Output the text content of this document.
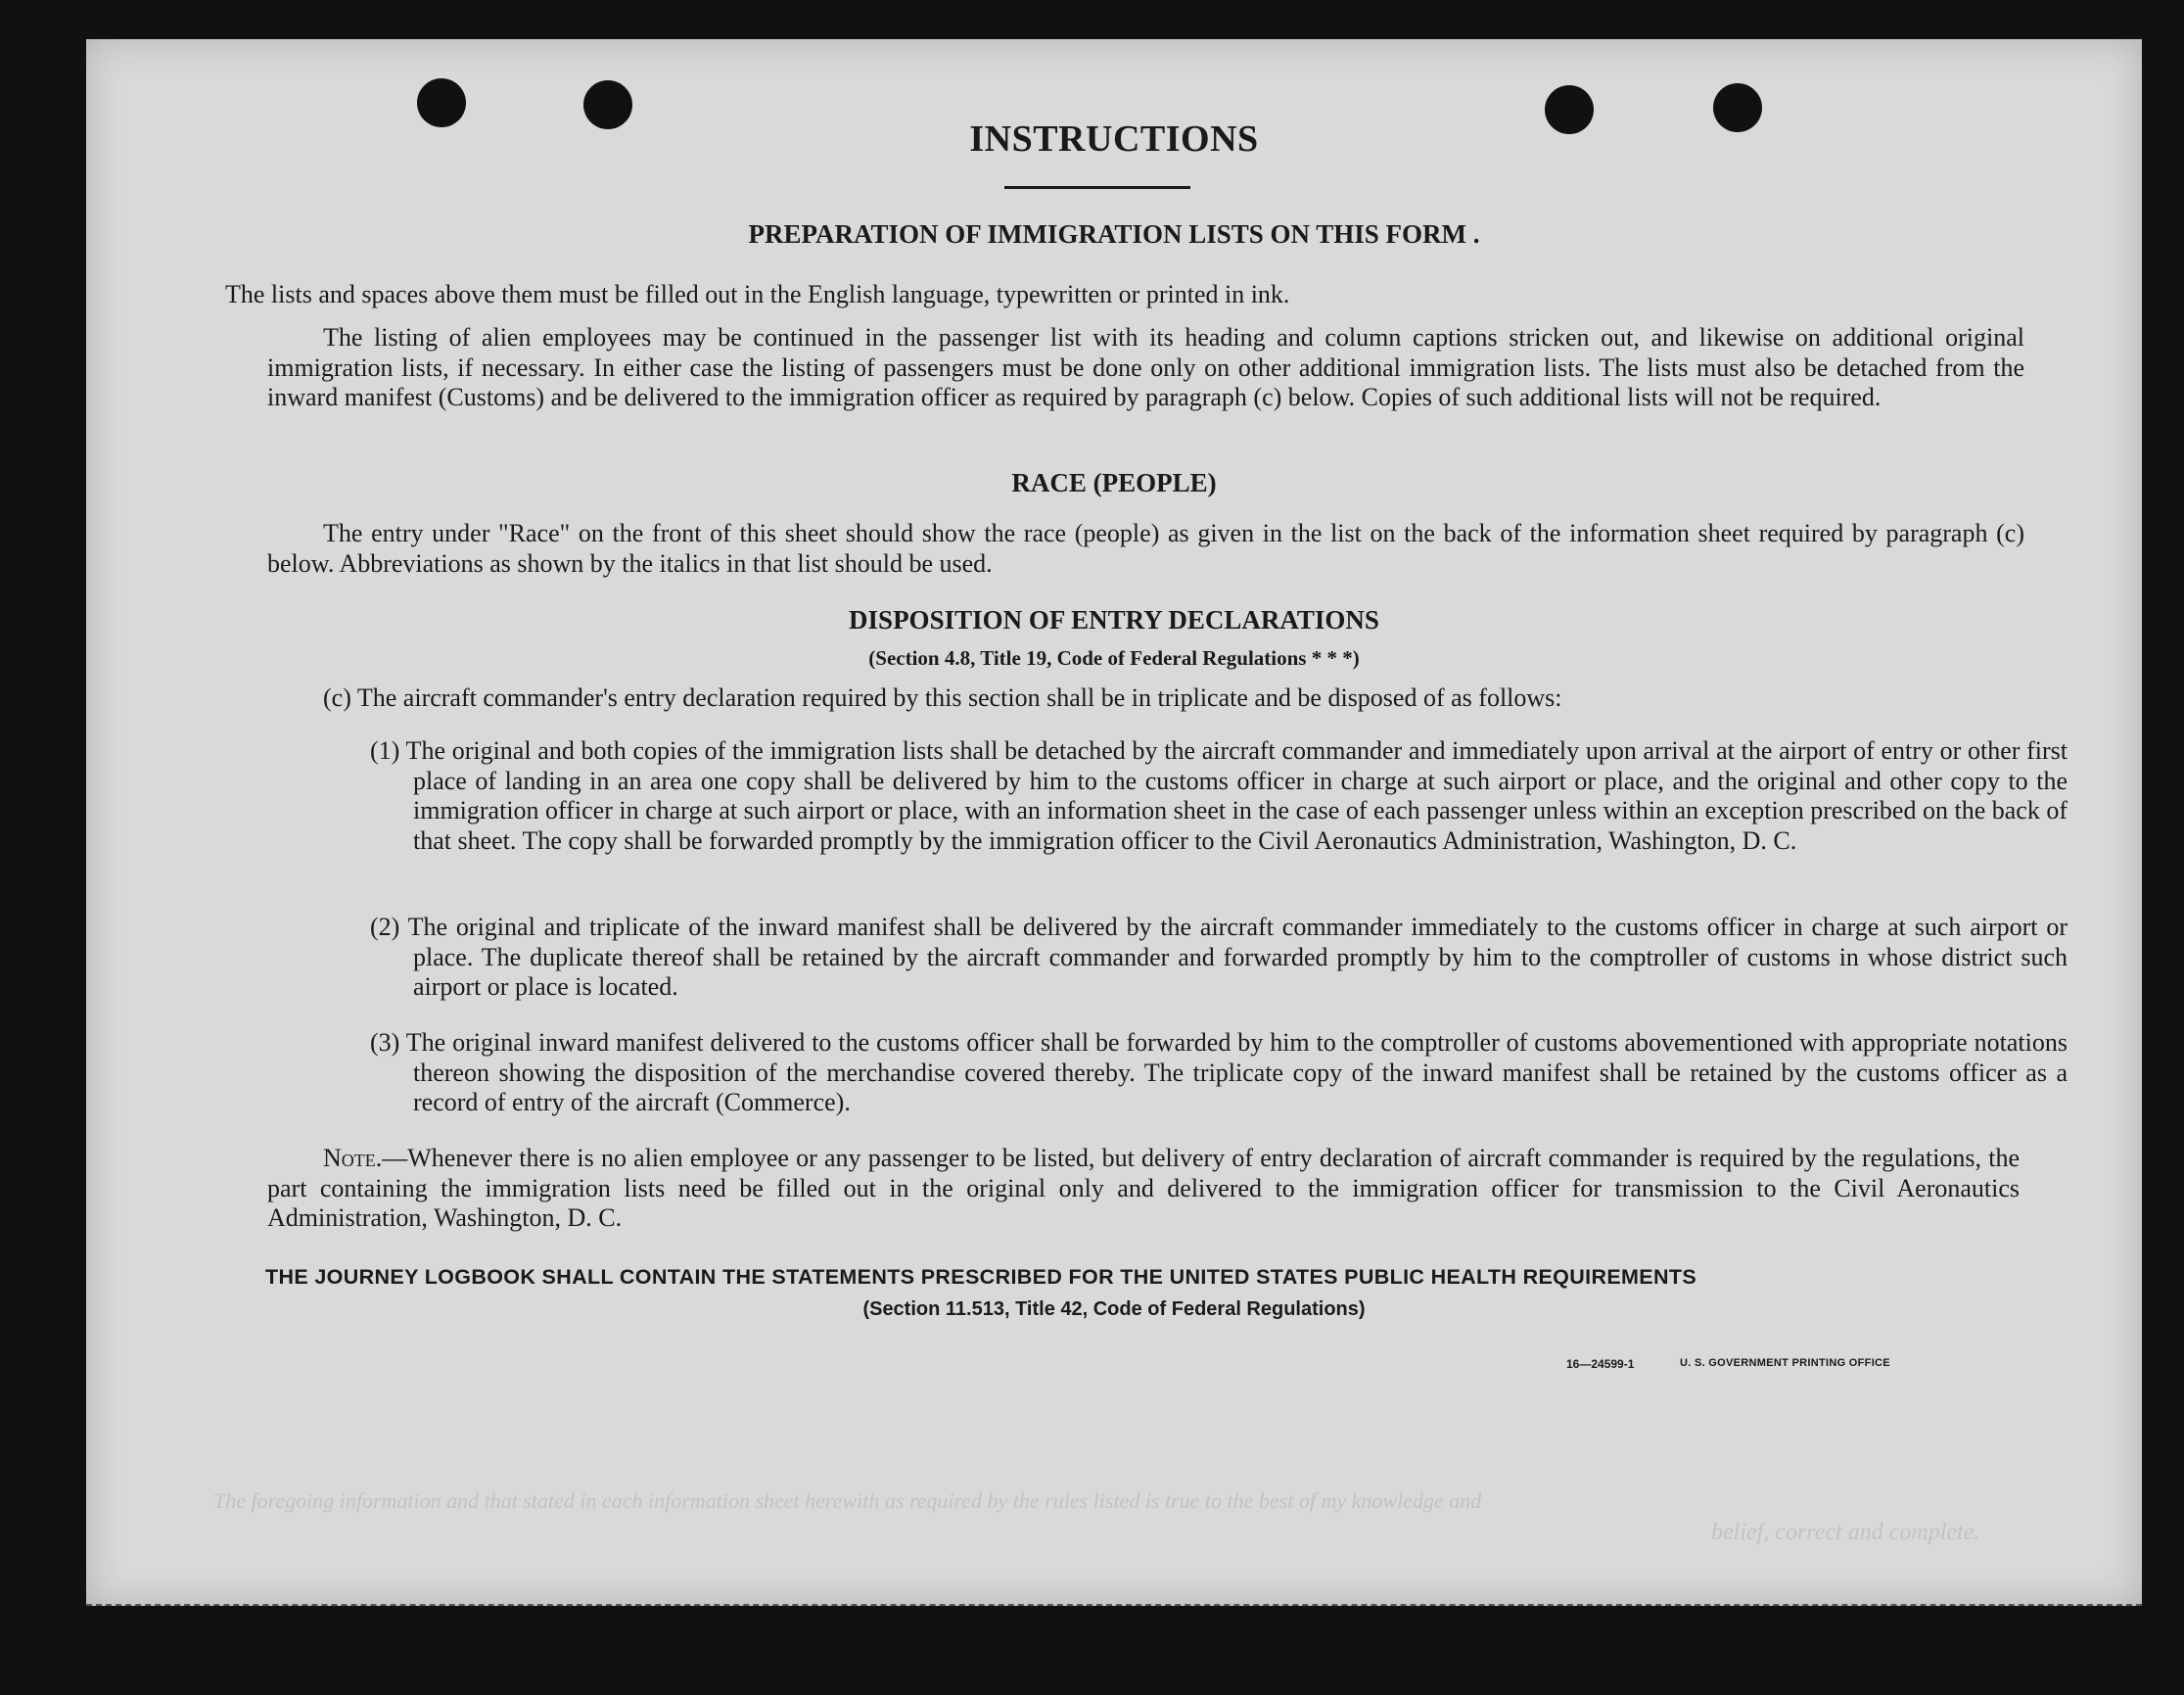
The foregoing information and that stated in each information sheet herewith as required by the rules listed is true to the best of my knowledge and
belief, correct and complete.
INSTRUCTIONS
PREPARATION OF IMMIGRATION LISTS ON THIS FORM .

The lists and spaces above them must be filled out in the English language, typewritten or printed in ink.

The listing of alien employees may be continued in the passenger list with its heading and column captions stricken out, and likewise on additional original immigration lists, if necessary. In either case the listing of passengers must be done only on other additional immigration lists. The lists must also be detached from the inward manifest (Customs) and be delivered to the immigration officer as required by paragraph (c) below. Copies of such additional lists will not be required.

RACE (PEOPLE)

The entry under "Race" on the front of this sheet should show the race (people) as given in the list on the back of the information sheet required by paragraph (c) below. Abbreviations as shown by the italics in that list should be used.

DISPOSITION OF ENTRY DECLARATIONS
(Section 4.8, Title 19, Code of Federal Regulations * * *)

(c) The aircraft commander's entry declaration required by this section shall be in triplicate and be disposed of as follows:

(1) The original and both copies of the immigration lists shall be detached by the aircraft commander and immediately upon arrival at the airport of entry or other first place of landing in an area one copy shall be delivered by him to the customs officer in charge at such airport or place, and the original and other copy to the immigration officer in charge at such airport or place, with an information sheet in the case of each passenger unless within an exception prescribed on the back of that sheet. The copy shall be forwarded promptly by the immigration officer to the Civil Aeronautics Administration, Washington, D. C.

(2) The original and triplicate of the inward manifest shall be delivered by the aircraft commander immediately to the customs officer in charge at such airport or place. The duplicate thereof shall be retained by the aircraft commander and forwarded promptly by him to the comptroller of customs in whose district such airport or place is located.

(3) The original inward manifest delivered to the customs officer shall be forwarded by him to the comptroller of customs abovementioned with appropriate notations thereon showing the disposition of the merchandise covered thereby. The triplicate copy of the inward manifest shall be retained by the customs officer as a record of entry of the aircraft (Commerce).

Note.—Whenever there is no alien employee or any passenger to be listed, but delivery of entry declaration of aircraft commander is required by the regulations, the part containing the immigration lists need be filled out in the original only and delivered to the immigration officer for transmission to the Civil Aeronautics Administration, Washington, D. C.

THE JOURNEY LOGBOOK SHALL CONTAIN THE STATEMENTS PRESCRIBED FOR THE UNITED STATES PUBLIC HEALTH REQUIREMENTS
(Section 11.513, Title 42, Code of Federal Regulations)
16—24599-1	U. S. GOVERNMENT PRINTING OFFICE
